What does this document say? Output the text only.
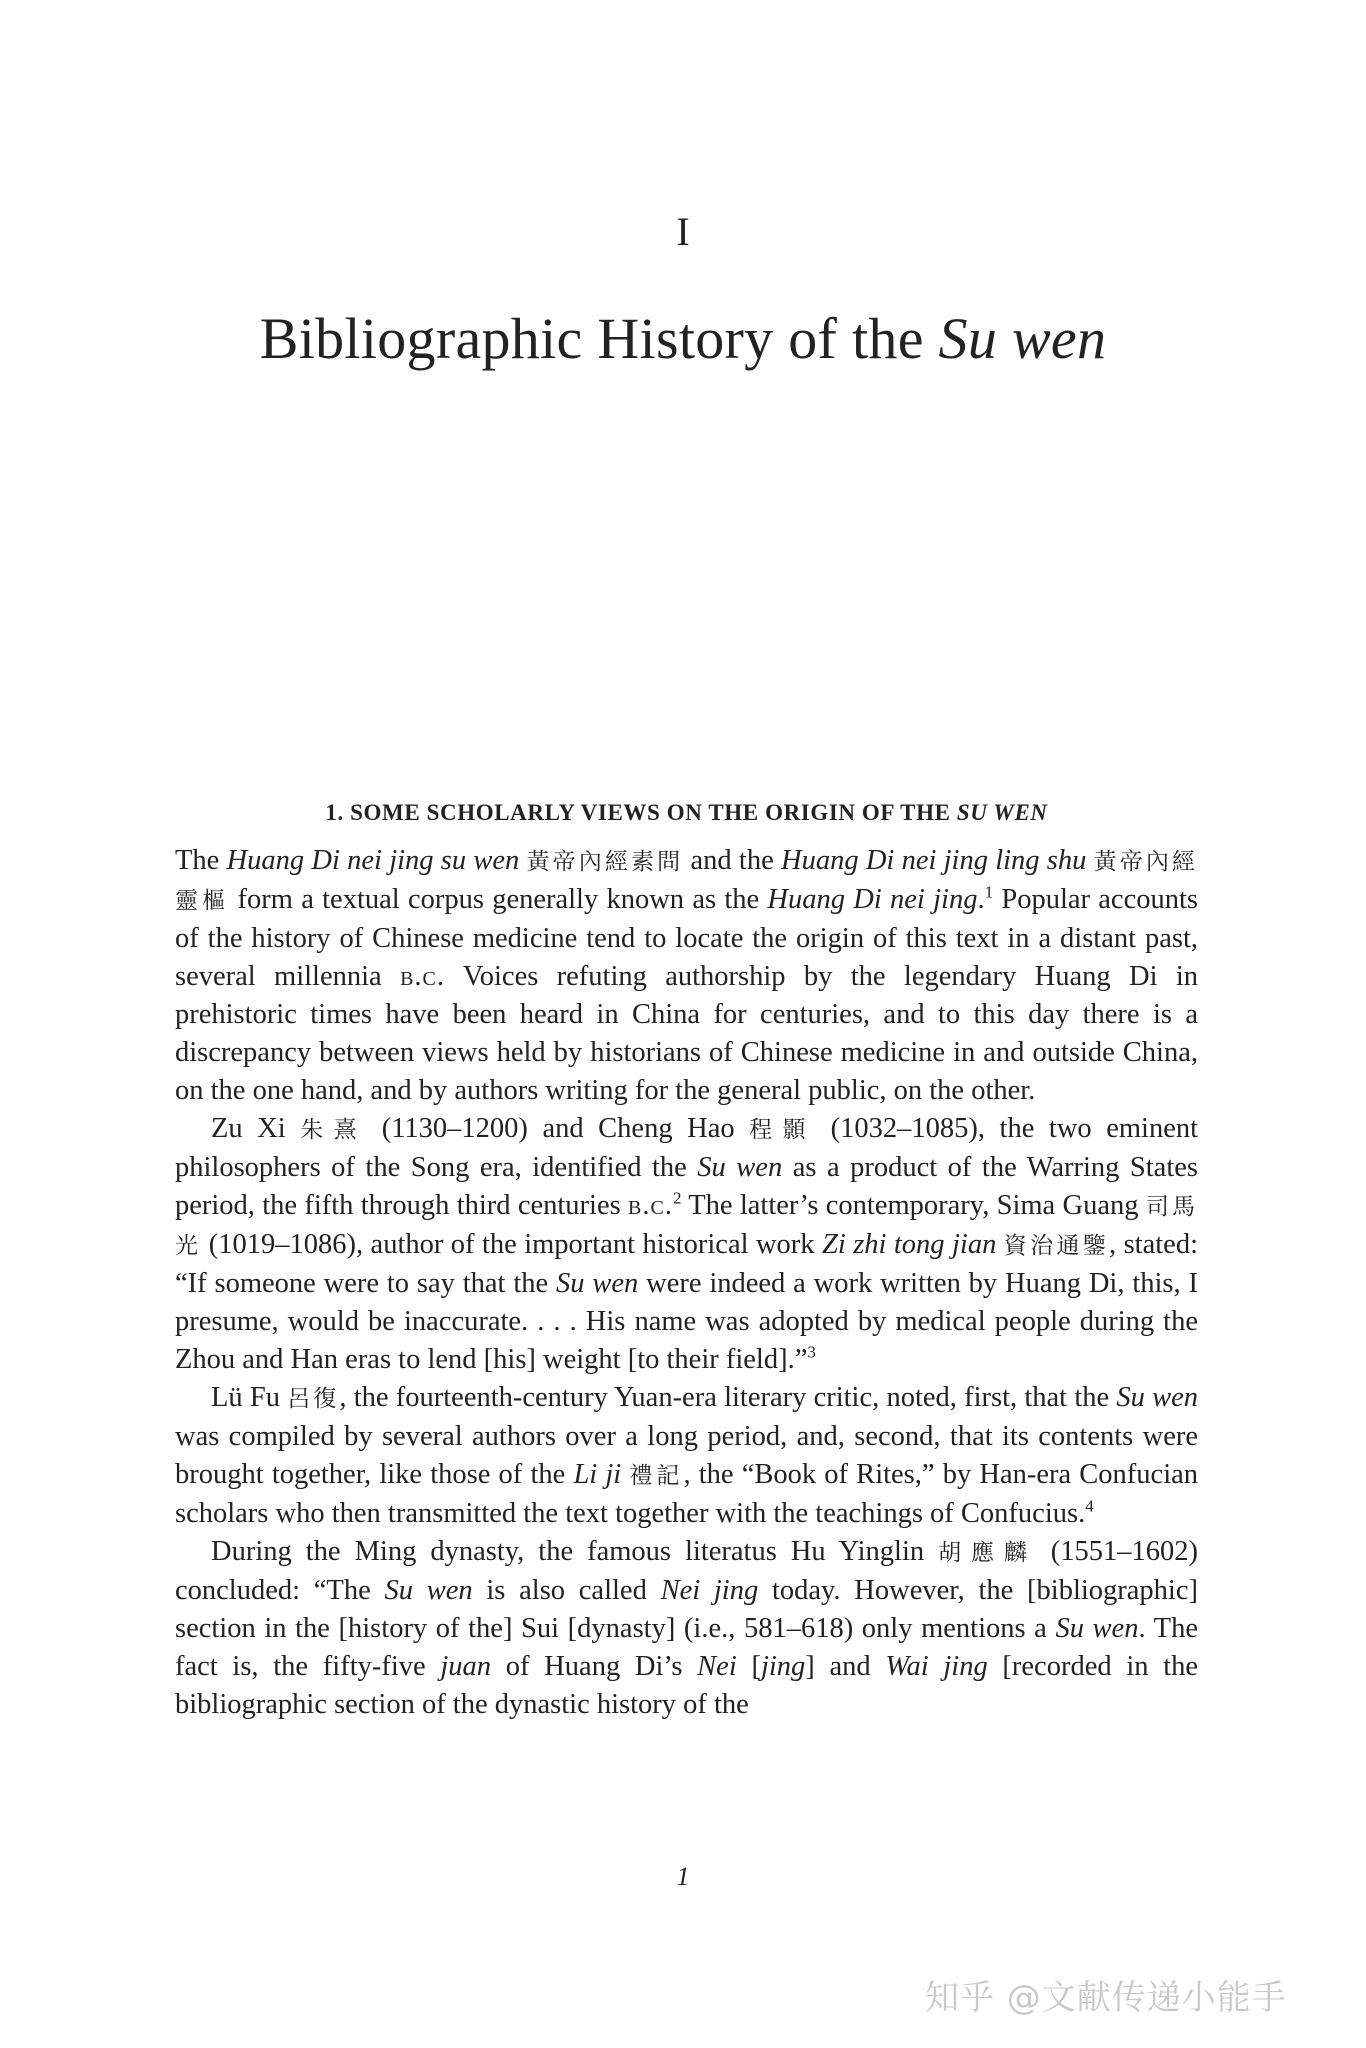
I
Bibliographic History of the Su wen
1. SOME SCHOLARLY VIEWS ON THE ORIGIN OF THE SU WEN

The Huang Di nei jing su wen 黃帝內經素問 and the Huang Di nei jing ling shu 黃帝內經靈樞 form a textual corpus generally known as the Huang Di nei jing.$^1$ Popular accounts of the history of Chinese medicine tend to locate the origin of this text in a distant past, several millennia b.c. Voices refuting authorship by the legendary Huang Di in prehistoric times have been heard in China for centuries, and to this day there is a discrepancy between views held by historians of Chinese medicine in and outside China, on the one hand, and by authors writing for the general public, on the other.

Zu Xi 朱熹 (1130–1200) and Cheng Hao 程顥 (1032–1085), the two eminent philosophers of the Song era, identified the Su wen as a product of the Warring States period, the fifth through third centuries b.c.$^2$ The latter’s contemporary, Sima Guang 司馬光 (1019–1086), author of the important historical work Zi zhi tong jian 資治通鑒, stated: “If someone were to say that the Su wen were indeed a work written by Huang Di, this, I presume, would be inaccurate. . . . His name was adopted by medical people during the Zhou and Han eras to lend [his] weight [to their field].”$^3$

Lü Fu 呂復, the fourteenth-century Yuan-era literary critic, noted, first, that the Su wen was compiled by several authors over a long period, and, second, that its contents were brought together, like those of the Li ji 禮記, the “Book of Rites,” by Han-era Confucian scholars who then transmitted the text together with the teachings of Confucius.$^4$

During the Ming dynasty, the famous literatus Hu Yinglin 胡應麟 (1551–1602) concluded: “The Su wen is also called Nei jing today. However, the [bibliographic] section in the [history of the] Sui [dynasty] (i.e., 581–618) only mentions a Su wen. The fact is, the fifty-five juan of Huang Di’s Nei [jing] and Wai jing [recorded in the bibliographic section of the dynastic history of the

1
知乎 @文献传递小能手
